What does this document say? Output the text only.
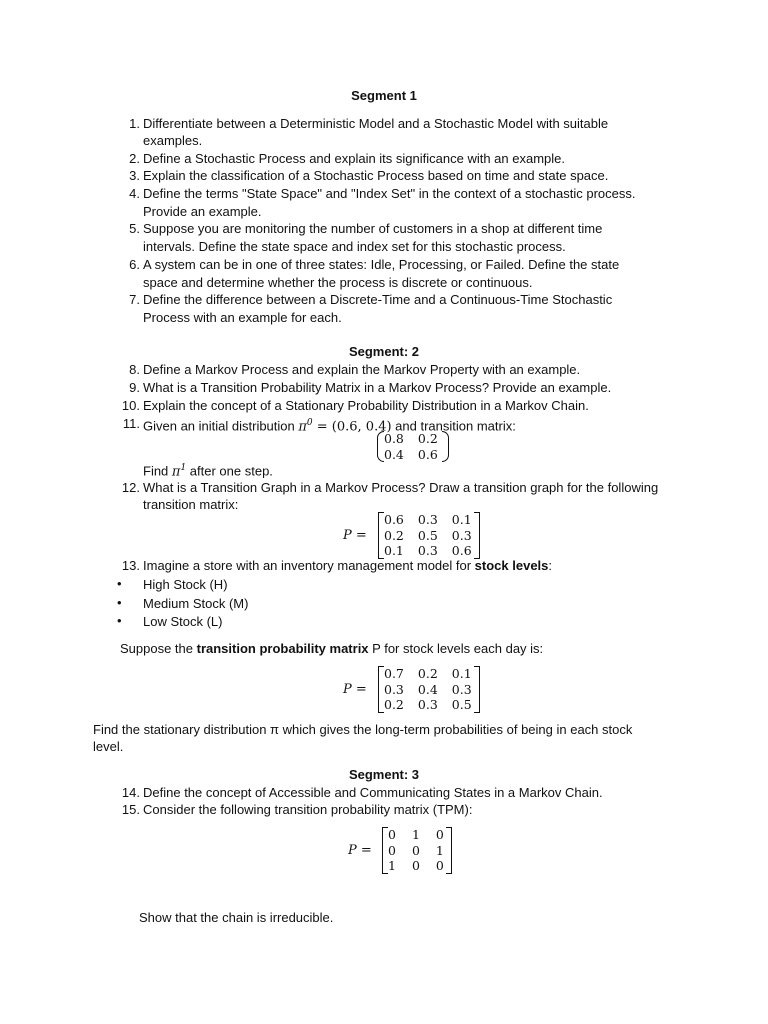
Segment 1
1. Differentiate between a Deterministic Model and a Stochastic Model with suitable
examples.
2. Define a Stochastic Process and explain its significance with an example.
3. Explain the classification of a Stochastic Process based on time and state space.
4. Define the terms "State Space" and "Index Set" in the context of a stochastic process.
Provide an example.
5. Suppose you are monitoring the number of customers in a shop at different time
intervals. Define the state space and index set for this stochastic process.
6. A system can be in one of three states: Idle, Processing, or Failed. Define the state
space and determine whether the process is discrete or continuous.
7. Define the difference between a Discrete-Time and a Continuous-Time Stochastic
Process with an example for each.
Segment: 2
8. Define a Markov Process and explain the Markov Property with an example.
9. What is a Transition Probability Matrix in a Markov Process? Provide an example.
10. Explain the concept of a Stationary Probability Distribution in a Markov Chain.
11. Given an initial distribution $\pi^0 = (0.6$, 0.4) and transition matrix:
0.8	0.2
0.4	0.6
Find $\pi^1$ after one step.
12. What is a Transition Graph in a Markov Process? Draw a transition graph for the following
transition matrix:
P =
0.6	0.3	0.1
0.2	0.5	0.3
0.1	0.3	0.6
13. Imagine a store with an inventory management model for stock levels:
• High Stock (H)
• Medium Stock (M)
• Low Stock (L)
Suppose the transition probability matrix P for stock levels each day is:
P =
0.7	0.2	0.1
0.3	0.4	0.3
0.2	0.3	0.5
Find the stationary distribution π which gives the long-term probabilities of being in each stock
level.
Segment: 3
14. Define the concept of Accessible and Communicating States in a Markov Chain.
15. Consider the following transition probability matrix (TPM):
P =
0	1	0
0	0	1
1	0	0
Show that the chain is irreducible.
